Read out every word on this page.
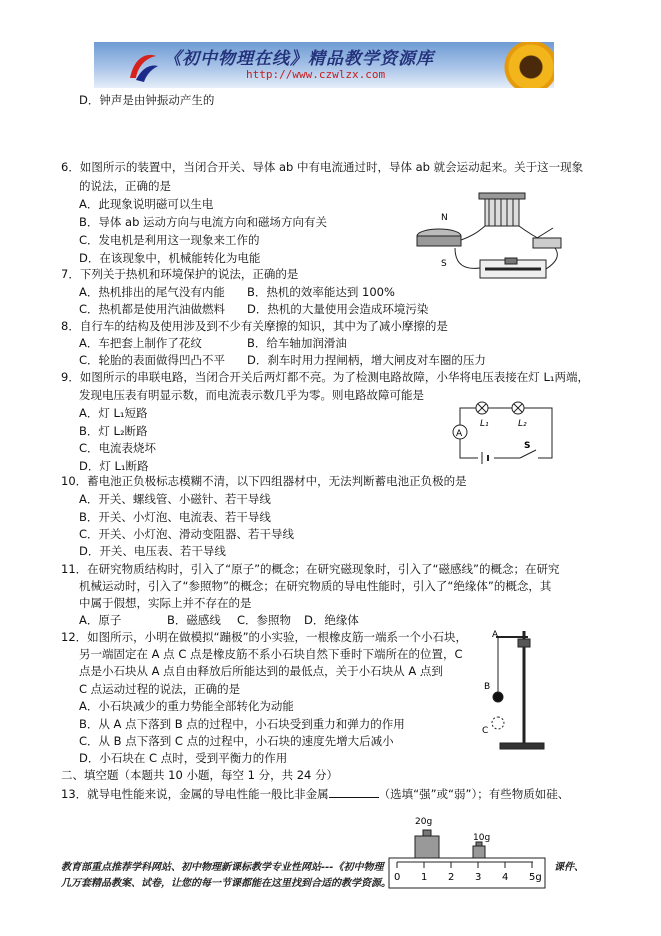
《初中物理在线》精品教学资源库
http://www.czwlzx.com
D．钟声是由钟振动产生的
6．如图所示的装置中，当闭合开关、导体 ab 中有电流通过时，导体 ab 就会运动起来。关于这一现象
的说法，正确的是
A．此现象说明磁可以生电
B．导体 ab 运动方向与电流方向和磁场方向有关
C．发电机是利用这一现象来工作的
D．在该现象中，机械能转化为电能
7．下列关于热机和环境保护的说法，正确的是
A．热机排出的尾气没有内能 B．热机的效率能达到 100%
C．热机都是使用汽油做燃料 D．热机的大量使用会造成环境污染
8．自行车的结构及使用涉及到不少有关摩擦的知识，其中为了减小摩擦的是
A．车把套上制作了花纹	B．给车轴加润滑油
C．轮胎的表面做得凹凸不平 D．刹车时用力捏闸柄，增大闸皮对车圈的压力
9．如图所示的串联电路，当闭合开关后两灯都不亮。为了检测电路故障，小华将电压表接在灯 L₁两端，
发现电压表有明显示数，而电流表示数几乎为零。则电路故障可能是
A．灯 L₁短路
B．灯 L₂断路
C．电流表烧坏
D．灯 L₁断路
10．蓄电池正负极标志模糊不清，以下四组器材中，无法判断蓄电池正负极的是
A．开关、螺线管、小磁针、若干导线
B．开关、小灯泡、电流表、若干导线
C．开关、小灯泡、滑动变阻器、若干导线
D．开关、电压表、若干导线
11．在研究物质结构时，引入了“原子”的概念；在研究磁现象时，引入了“磁感线”的概念；在研究
机械运动时，引入了“参照物”的概念；在研究物质的导电性能时，引入了“绝缘体”的概念，其
中属于假想，实际上并不存在的是
A．原子	B．磁感线 C．参照物 D．绝缘体
12．如图所示，小明在做模拟“蹦极”的小实验，一根橡皮筋一端系一个小石块，
另一端固定在 A 点 C 点是橡皮筋不系小石块自然下垂时下端所在的位置，C
点是小石块从 A 点自由释放后所能达到的最低点，关于小石块从 A 点到
C 点运动过程的说法，正确的是
A．小石块减少的重力势能全部转化为动能
B．从 A 点下落到 B 点的过程中，小石块受到重力和弹力的作用
C．从 B 点下落到 C 点的过程中，小石块的速度先增大后减小
D．小石块在 C 点时，受到平衡力的作用
二、填空题（本题共 10 小题，每空 1 分，共 24 分）
13．就导电性能来说，金属的导电性能一般比非金属	（选填“强”或“弱”）；有些物质如硅、
N
S
A
L₁	L₂
S
A
B
C
20g
10g
0 1 2 3 4 5g
教育部重点推荐学科网站、初中物理新课标教学专业性网站---《初中物理	课件、
几万套精品教案、试卷，让您的每一节课都能在这里找到合适的教学资源。
